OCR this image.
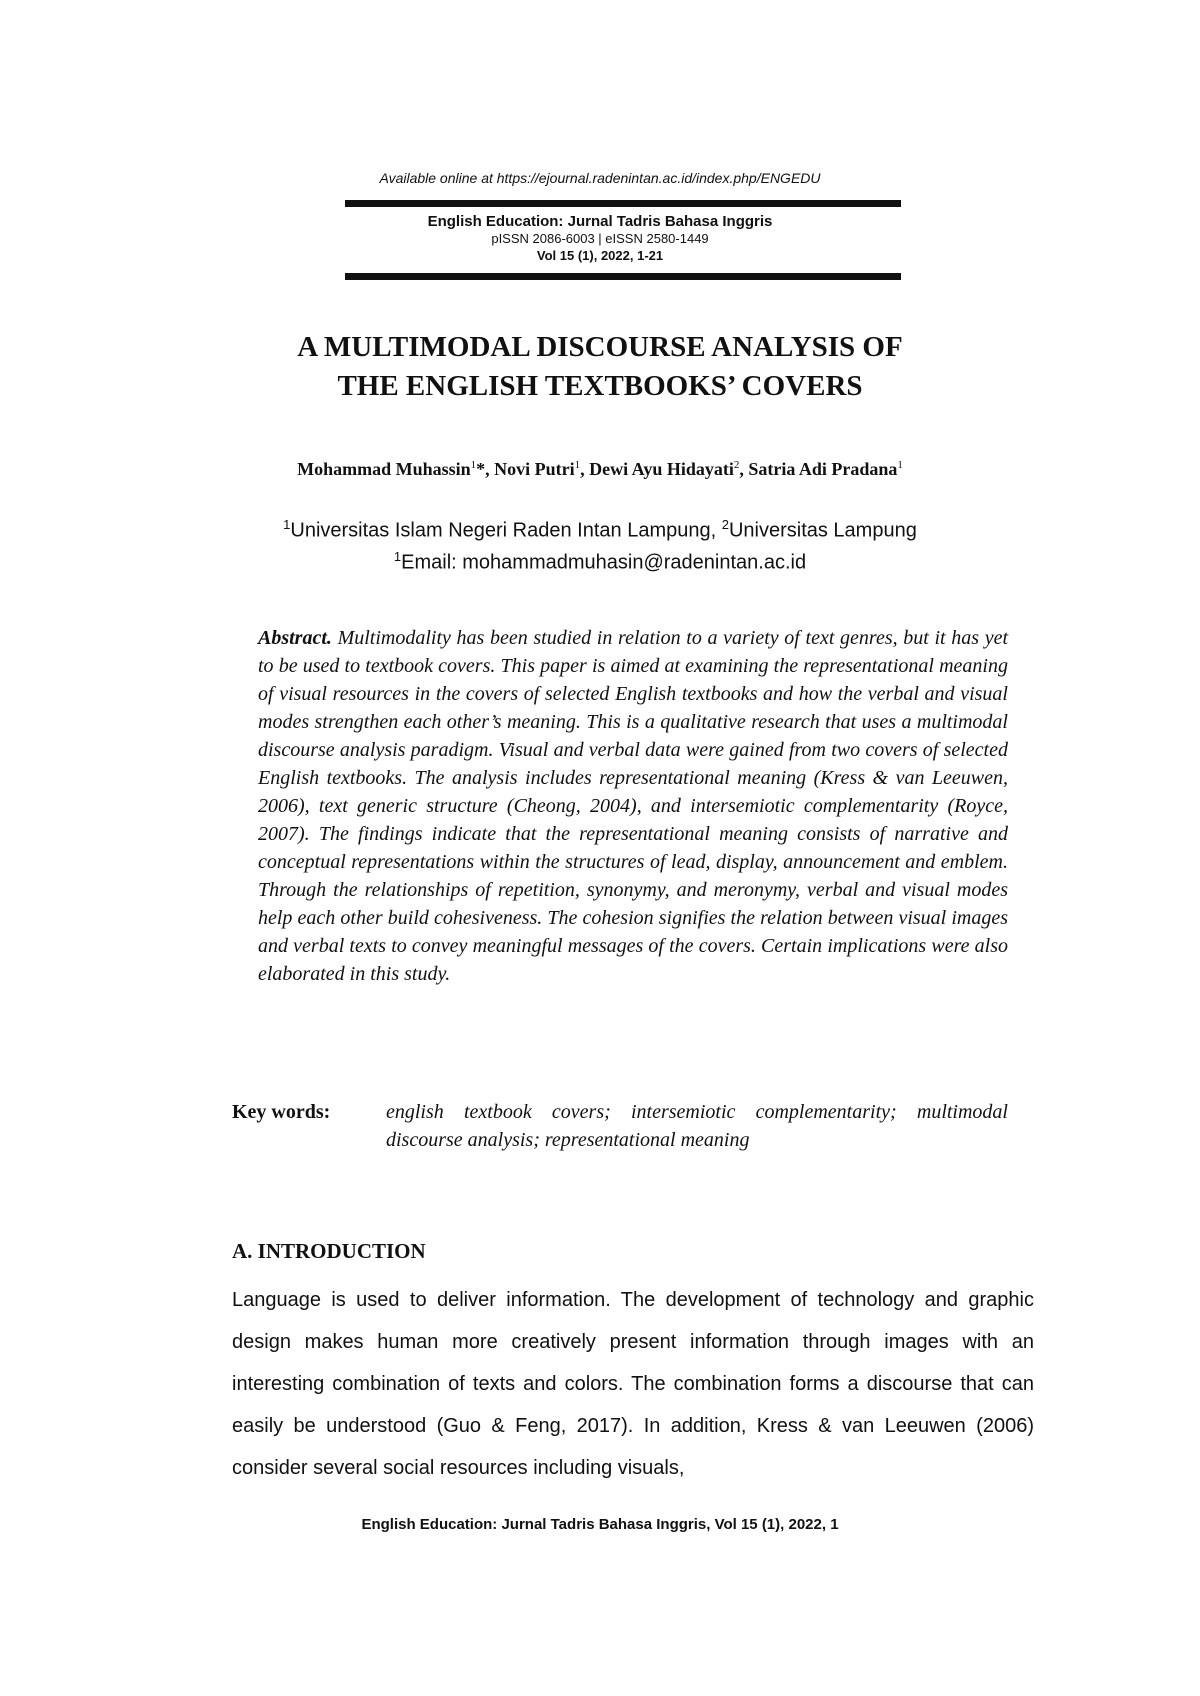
Available online at https://ejournal.radenintan.ac.id/index.php/ENGEDU
English Education: Jurnal Tadris Bahasa Inggris
pISSN 2086-6003 | eISSN 2580-1449
Vol 15 (1), 2022, 1-21
A MULTIMODAL DISCOURSE ANALYSIS OF
THE ENGLISH TEXTBOOKS’ COVERS
Mohammad Muhassin$^1$*, Novi Putri$^1$, Dewi Ayu Hidayati$^2$, Satria Adi Pradana$^1$
$^1$Universitas Islam Negeri Raden Intan Lampung, $^2$Universitas Lampung
$^1$Email: mohammadmuhasin@radenintan.ac.id
Abstract. Multimodality has been studied in relation to a variety of text genres, but it has yet to be used to textbook covers. This paper is aimed at examining the representational meaning of visual resources in the covers of selected English textbooks and how the verbal and visual modes strengthen each other’s meaning. This is a qualitative research that uses a multimodal discourse analysis paradigm. Visual and verbal data were gained from two covers of selected English textbooks. The analysis includes representational meaning (Kress & van Leeuwen, 2006), text generic structure (Cheong, 2004), and intersemiotic complementarity (Royce, 2007). The findings indicate that the representational meaning consists of narrative and conceptual representations within the structures of lead, display, announcement and emblem. Through the relationships of repetition, synonymy, and meronymy, verbal and visual modes help each other build cohesiveness. The cohesion signifies the relation between visual images and verbal texts to convey meaningful messages of the covers. Certain implications were also elaborated in this study.
Key words:	english textbook covers; intersemiotic complementarity; multimodal discourse analysis; representational meaning
A. INTRODUCTION
Language is used to deliver information. The development of technology and graphic design makes human more creatively present information through images with an interesting combination of texts and colors. The combination forms a discourse that can easily be understood (Guo & Feng, 2017). In addition, Kress & van Leeuwen (2006) consider several social resources including visuals,
English Education: Jurnal Tadris Bahasa Inggris, Vol 15 (1), 2022, 1
